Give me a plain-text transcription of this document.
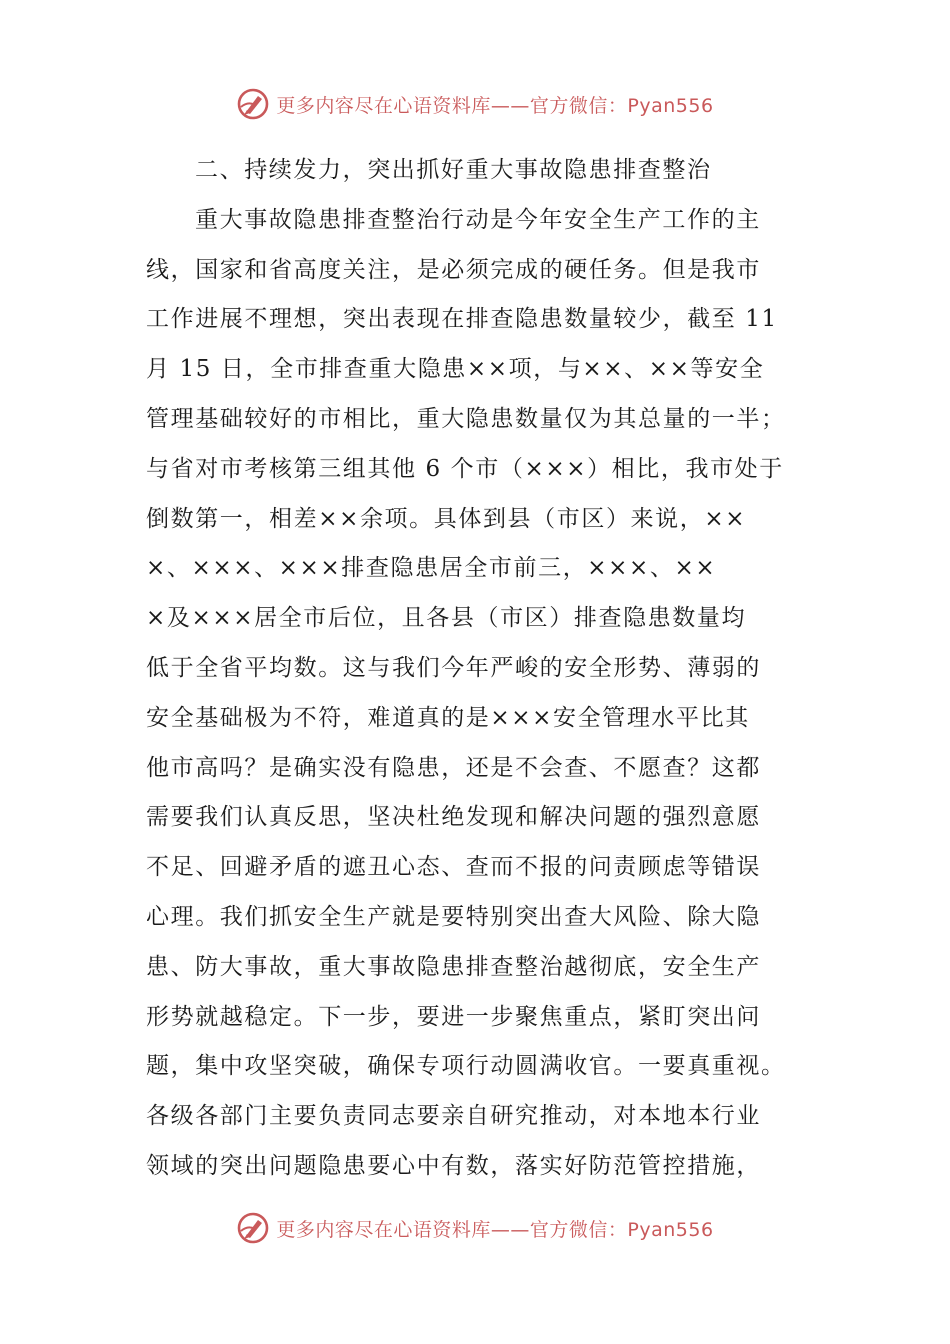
更多内容尽在心语资料库——官方微信：Pyan556
二、持续发力，突出抓好重大事故隐患排查整治
重大事故隐患排查整治行动是今年安全生产工作的主
线，国家和省高度关注，是必须完成的硬任务。但是我市
工作进展不理想，突出表现在排查隐患数量较少，截至 11
月 15 日，全市排查重大隐患××项，与××、××等安全
管理基础较好的市相比，重大隐患数量仅为其总量的一半；
与省对市考核第三组其他 6 个市（×××）相比，我市处于
倒数第一，相差××余项。具体到县（市区）来说，××
×、×××、×××排查隐患居全市前三，×××、××
×及×××居全市后位，且各县（市区）排查隐患数量均
低于全省平均数。这与我们今年严峻的安全形势、薄弱的
安全基础极为不符，难道真的是×××安全管理水平比其
他市高吗？是确实没有隐患，还是不会查、不愿查？这都
需要我们认真反思，坚决杜绝发现和解决问题的强烈意愿
不足、回避矛盾的遮丑心态、查而不报的问责顾虑等错误
心理。我们抓安全生产就是要特别突出查大风险、除大隐
患、防大事故，重大事故隐患排查整治越彻底，安全生产
形势就越稳定。下一步，要进一步聚焦重点，紧盯突出问
题，集中攻坚突破，确保专项行动圆满收官。一要真重视。
各级各部门主要负责同志要亲自研究推动，对本地本行业
领域的突出问题隐患要心中有数，落实好防范管控措施，
更多内容尽在心语资料库——官方微信：Pyan556
